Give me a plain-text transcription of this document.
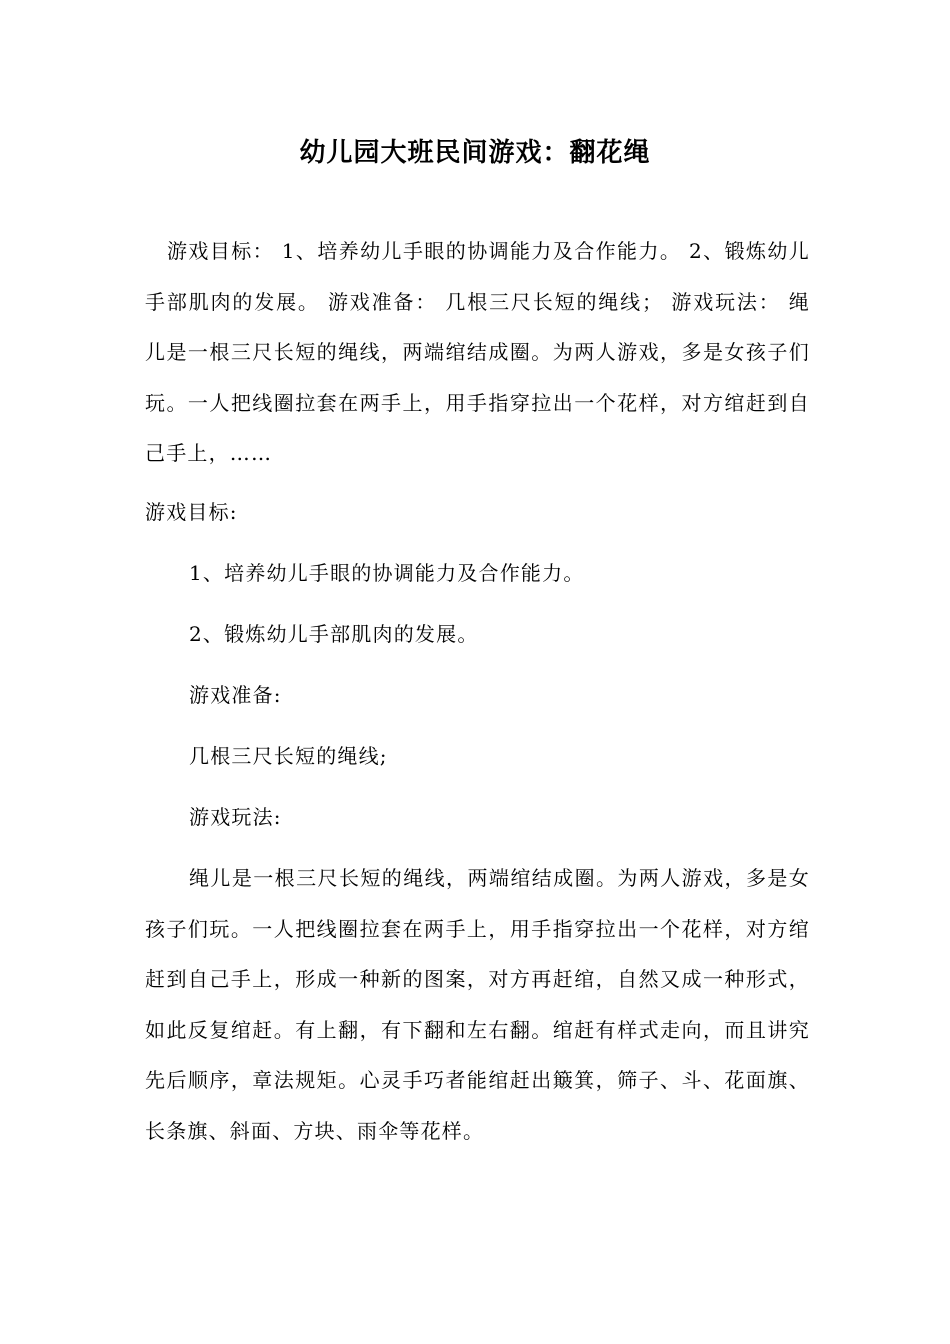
幼儿园大班民间游戏：翻花绳

游戏目标： 1、培养幼儿手眼的协调能力及合作能力。 2、锻炼幼儿手部肌肉的发展。 游戏准备： 几根三尺长短的绳线； 游戏玩法： 绳儿是一根三尺长短的绳线，两端绾结成圈。为两人游戏，多是女孩子们玩。一人把线圈拉套在两手上，用手指穿拉出一个花样，对方绾赶到自己手上，……

游戏目标:

1、培养幼儿手眼的协调能力及合作能力。

2、锻炼幼儿手部肌肉的发展。

游戏准备:

几根三尺长短的绳线;

游戏玩法:

绳儿是一根三尺长短的绳线，两端绾结成圈。为两人游戏，多是女孩子们玩。一人把线圈拉套在两手上，用手指穿拉出一个花样，对方绾赶到自己手上，形成一种新的图案，对方再赶绾，自然又成一种形式，如此反复绾赶。有上翻，有下翻和左右翻。绾赶有样式走向，而且讲究先后顺序，章法规矩。心灵手巧者能绾赶出簸箕，筛子、斗、花面旗、长条旗、斜面、方块、雨伞等花样。
